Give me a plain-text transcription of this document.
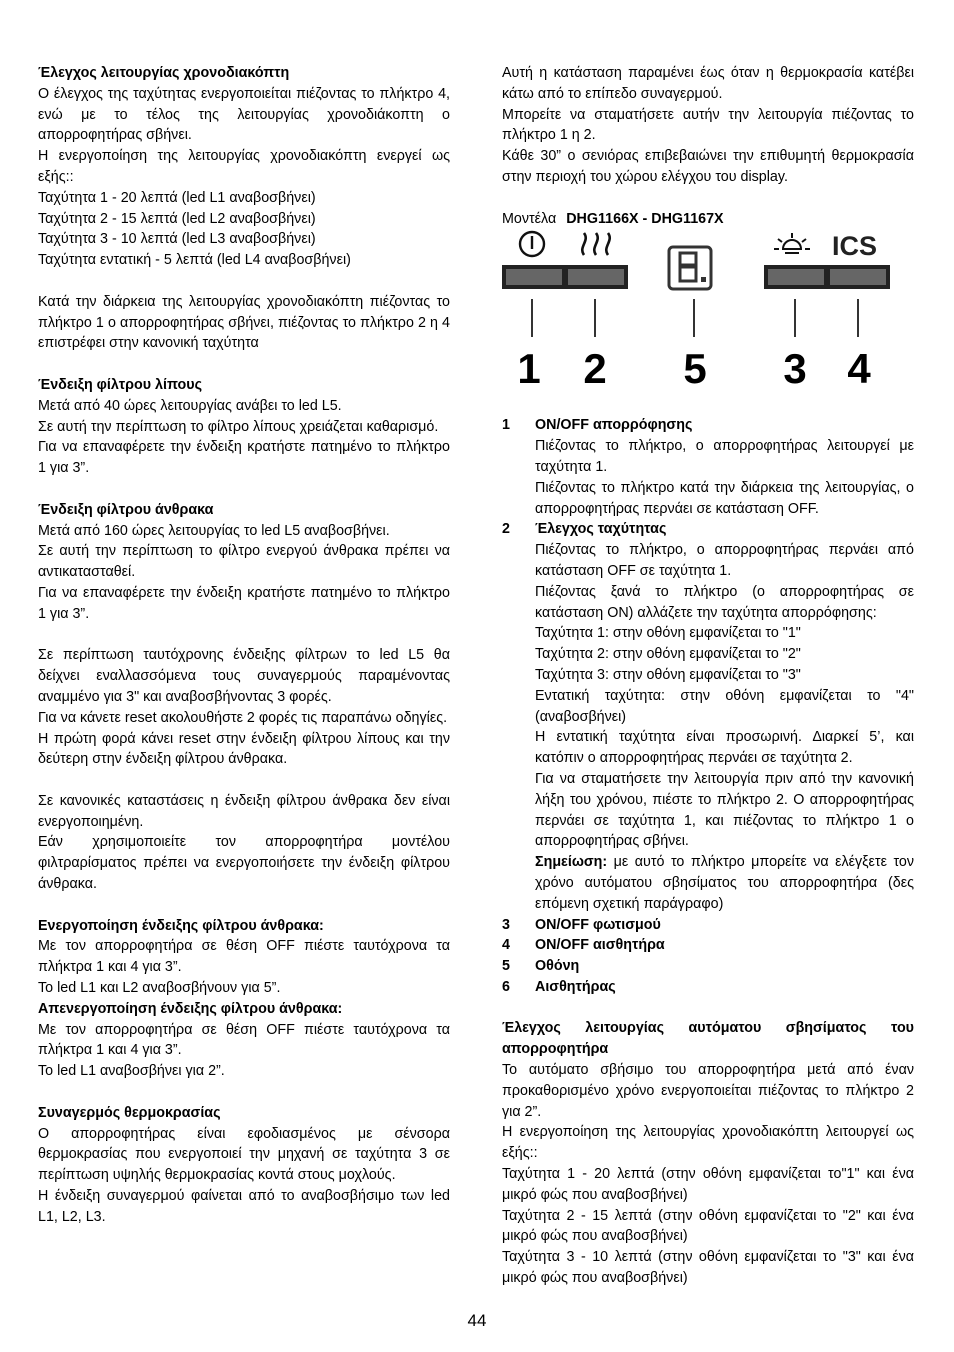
Έλεγχος λειτουργίας χρονοδιακόπτη
Ο έλεγχος της ταχύτητας ενεργοποιείται πιέζοντας το πλήκτρο 4, ενώ με το τέλος της λειτουργίας χρονοδιάκοπτη ο απορροφητήρας σβήνει.
Η ενεργοποίηση της λειτουργίας χρονοδιακόπτη ενεργεί ως εξής::
Ταχύτητα 1 - 20 λεπτά (led L1 αναβοσβήνει)
Ταχύτητα 2 - 15 λεπτά (led L2 αναβοσβήνει)
Ταχύτητα 3 - 10 λεπτά (led L3 αναβοσβήνει)
Ταχύτητα εντατική - 5 λεπτά (led L4 αναβοσβήνει)
Κατά την διάρκεια της λειτουργίας χρονοδιακόπτη πιέζοντας το πλήκτρο 1 ο απορροφητήρας σβήνει, πιέζοντας το πλήκτρο 2 η 4 επιστρέφει στην κανονική ταχύτητα
Ένδειξη φίλτρου λίπους
Μετά από 40 ώρες λειτουργίας ανάβει το led L5.
Σε αυτή την περίπτωση το φίλτρο λίπους χρειάζεται καθαρισμό.
Για να επαναφέρετε την ένδειξη κρατήστε πατημένο το πλήκτρο 1 για 3”.
Ένδειξη φίλτρου άνθρακα
Μετά από 160 ώρες λειτουργίας το led L5 αναβοσβήνει.
Σε αυτή την περίπτωση το φίλτρο ενεργού άνθρακα πρέπει να αντικατασταθεί.
Για να επαναφέρετε την ένδειξη κρατήστε πατημένο το πλήκτρο 1 για 3”.
Σε περίπτωση ταυτόχρονης ένδειξης φίλτρων το led L5 θα δείχνει εναλλασσόμενα τους συναγερμούς παραμένοντας αναμμένο για 3" και αναβοσβήνοντας 3 φορές.
Για να κάνετε reset ακολουθήστε 2 φορές τις παραπάνω οδηγίες.
Η πρώτη φορά κάνει reset στην ένδειξη φίλτρου λίπους και την δεύτερη στην ένδειξη φίλτρου άνθρακα.
Σε κανονικές καταστάσεις η ένδειξη φίλτρου άνθρακα δεν είναι ενεργοποιημένη.
Εάν χρησιμοποιείτε τον απορροφητήρα μοντέλου φιλτραρίσματος πρέπει να ενεργοποιήσετε την ένδειξη φίλτρου άνθρακα.
Ενεργοποίηση ένδειξης φίλτρου άνθρακα:
Με τον απορροφητήρα σε θέση OFF πιέστε ταυτόχρονα τα πλήκτρα 1 και 4 για 3”.
Το led L1 και L2 αναβοσβήνουν για 5”.
Απενεργοποίηση ένδειξης φίλτρου άνθρακα:
Με τον απορροφητήρα σε θέση OFF πιέστε ταυτόχρονα τα πλήκτρα 1 και 4 για 3”.
Το led L1 αναβοσβήνει για 2”.
Συναγερμός θερμοκρασίας
Ο απορροφητήρας είναι εφοδιασμένος με σένσορα θερμοκρασίας που ενεργοποιεί την μηχανή σε ταχύτητα 3 σε περίπτωση υψηλής θερμοκρασίας κοντά στους μοχλούς.
Η ένδειξη συναγερμού φαίνεται από το αναβοσβήσιμο των led L1, L2, L3.
Αυτή η κατάσταση παραμένει έως όταν η θερμοκρασία κατέβει κάτω από το επίπεδο συναγερμού.
Μπορείτε να σταματήσετε αυτήν την λειτουργία πιέζοντας το πλήκτρο 1 η 2.
Κάθε 30” ο σενιόρας επιβεβαιώνει την επιθυμητή θερμοκρασία στην περιοχή του χώρου ελέγχου του display.
Μοντέλα DHG1166X - DHG1167X
ICS
1 2 5 3 4
1	ON/OFF απορρόφησης
Πιέζοντας το πλήκτρο, ο απορροφητήρας λειτουργεί με ταχύτητα 1.
Πιέζοντας το πλήκτρο κατά την διάρκεια της λειτουργίας, ο απορροφητήρας περνάει σε κατάσταση OFF.
2	Έλεγχος ταχύτητας
Πιέζοντας το πλήκτρο, ο απορροφητήρας περνάει από κατάσταση OFF σε ταχύτητα 1.
Πιέζοντας ξανά το πλήκτρο (ο απορροφητήρας σε κατάσταση ΟΝ) αλλάζετε την ταχύτητα απορρόφησης:
Ταχύτητα 1: στην οθόνη εμφανίζεται το "1"
Ταχύτητα 2: στην οθόνη εμφανίζεται το "2"
Ταχύτητα 3: στην οθόνη εμφανίζεται το "3"
Εντατική ταχύτητα: στην οθόνη εμφανίζεται το "4" (αναβοσβήνει)
Η εντατική ταχύτητα είναι προσωρινή. Διαρκεί 5’, και κατόπιν ο απορροφητήρας περνάει σε ταχύτητα 2.
Για να σταματήσετε την λειτουργία πριν από την κανονική λήξη του χρόνου, πιέστε το πλήκτρο 2. Ο απορροφητήρας περνάει σε ταχύτητα 1, και πιέζοντας το πλήκτρο 1 ο απορροφητήρας σβήνει.
Σημείωση: με αυτό το πλήκτρο μπορείτε να ελέγξετε τον χρόνο αυτόματου σβησίματος του απορροφητήρα (δες επόμενη σχετική παράγραφο)
3	ON/OFF φωτισμού
4	ON/OFF αισθητήρα
5	Οθόνη
6	Αισθητήρας
Έλεγχος λειτουργίας αυτόματου σβησίματος του απορροφητήρα
Το αυτόματο σβήσιμο του απορροφητήρα μετά από έναν προκαθορισμένο χρόνο ενεργοποιείται πιέζοντας το πλήκτρο 2 για 2”.
Η ενεργοποίηση της λειτουργίας χρονοδιακόπτη λειτουργεί ως εξής::
Ταχύτητα 1 - 20 λεπτά (στην οθόνη εμφανίζεται το"1" και ένα μικρό φώς που αναβοσβήνει)
Ταχύτητα 2 - 15 λεπτά (στην οθόνη εμφανίζεται το "2" και ένα μικρό φώς που αναβοσβήνει)
Ταχύτητα 3 - 10 λεπτά (στην οθόνη εμφανίζεται το "3" και ένα μικρό φώς που αναβοσβήνει)
44
